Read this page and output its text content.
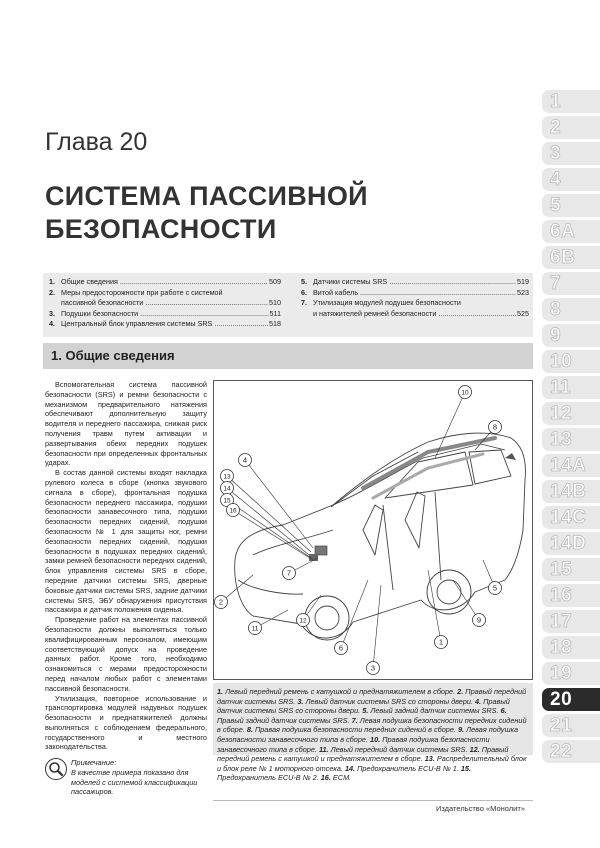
1
2
3
4
5
6A
6B
7
8
9
10
11
12
13
14A
14B
14C
14D
15
16
17
18
19
20
21
22
Глава 20
СИСТЕМА ПАССИВНОЙ
БЕЗОПАСНОСТИ
1. Общие сведения .....	509
2. Меры предосторожности при работе с системой
пассивной безопасности .....	510
3. Подушки безопасности .....	511
4. Центральный блок управления системы SRS .....	518
5. Датчики системы SRS .....	519
6. Витой кабель .....	523
7. Утилизация модулей подушек безопасности
и натяжителей ремней безопасности .....	525
1. Общие сведения

Вспомогательная система пассивной безопасности (SRS) и ремни безопасности с механизмом предварительного натяжения обеспечивают дополнительную защиту водителя и переднего пассажира, снижая риск получения травм путем активации и развертывания обеих передних подушек безопасности при определенных фронтальных ударах.

В состав данной системы входят накладка рулевого колеса в сборе (кнопка звукового сигнала в сборе), фронтальная подушка безопасности переднего пассажира, подушки безопасности занавесочного типа, подушки безопасности передних сидений, подушки безопасности № 1 для защиты ног, ремни безопасности передних сидений, подушки безопасности в подушках передних сидений, замки ремней безопасности передних сидений, блок управления системы SRS в сборе, передние датчики системы SRS, дверные боковые датчики системы SRS, задние датчики системы SRS, ЭБУ обнаружения присутствия пассажира и датчик положения сиденья.

Проведение работ на элементах пассивной безопасности должны выполняться только квалифицированным персоналом, имеющим соответствующий допуск на проведение данных работ. Кроме того, необходимо ознакомиться с мерами предосторожности перед началом любых работ с элементами пассивной безопасности.

Утилизация, повторное использование и транспортировка модулей надувных подушек безопасности и преднатяжителей должны выполняться с соблюдением федерального, государственного и местного законодательства.

Примечание:
В качестве примера показано для моделей с системой классификации пассажиров.
1
2
3
4
5
6
7
8
9
10
11
12
13
14
15
16
1. Левый передний ремень с катушкой и преднатяжителем в сборе. 2. Правый передний датчик системы SRS. 3. Левый датчик системы SRS со стороны двери. 4. Правый датчик системы SRS со стороны двери. 5. Левый задний датчик системы SRS. 6. Правый задний датчик системы SRS. 7. Левая подушка безопасности передних сидений в сборе. 8. Правая подушка безопасности передних сидений в сборе. 9. Левая подушка безопасности занавесочного типа в сборе. 10. Правая подушка безопасности занавесочного типа в сборе. 11. Левый передний датчик системы SRS. 12. Правый передний ремень с катушкой и преднатяжителем в сборе. 13. Распределительный блок и блок реле № 1 моторного отсека. 14. Предохранитель ECU-B № 1. 15. Предохранитель ECU-B № 2. 16. ECM.
Издательство «Монолит»
